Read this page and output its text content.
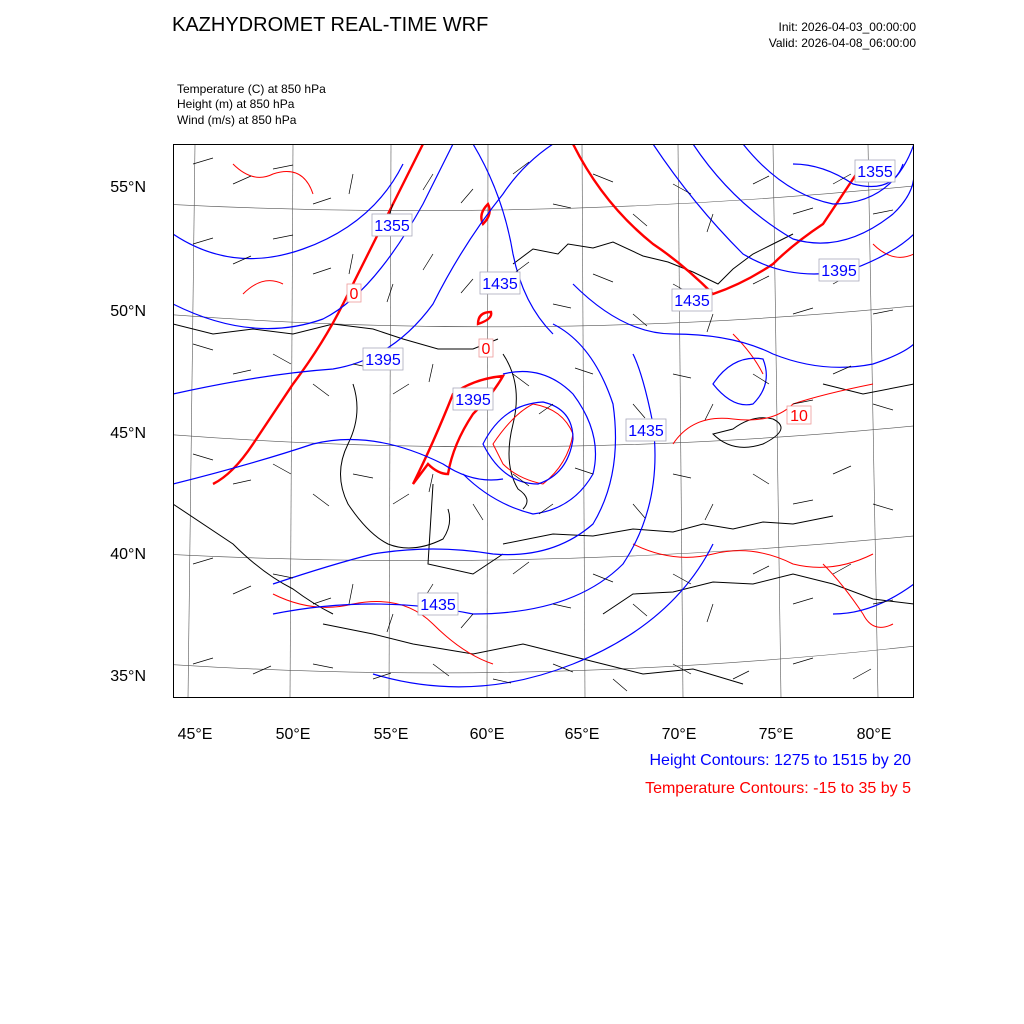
KAZHYDROMET REAL-TIME WRF	Init: 2026-04-03_00:00:00
Valid: 2026-04-08_06:00:00
Temperature (C) at 850 hPa
Height (m) at 850 hPa
Wind (m/s) at 850 hPa
55°N
50°N
45°N
40°N
35°N
45°E	50°E	55°E	60°E	65°E	70°E	75°E	80°E
Height Contours: 1275 to 1515 by 20
Temperature Contours: -15 to 35 by 5
1355
1355
1395
1435
1435
1395
1395
1435
1435
0
0
10
